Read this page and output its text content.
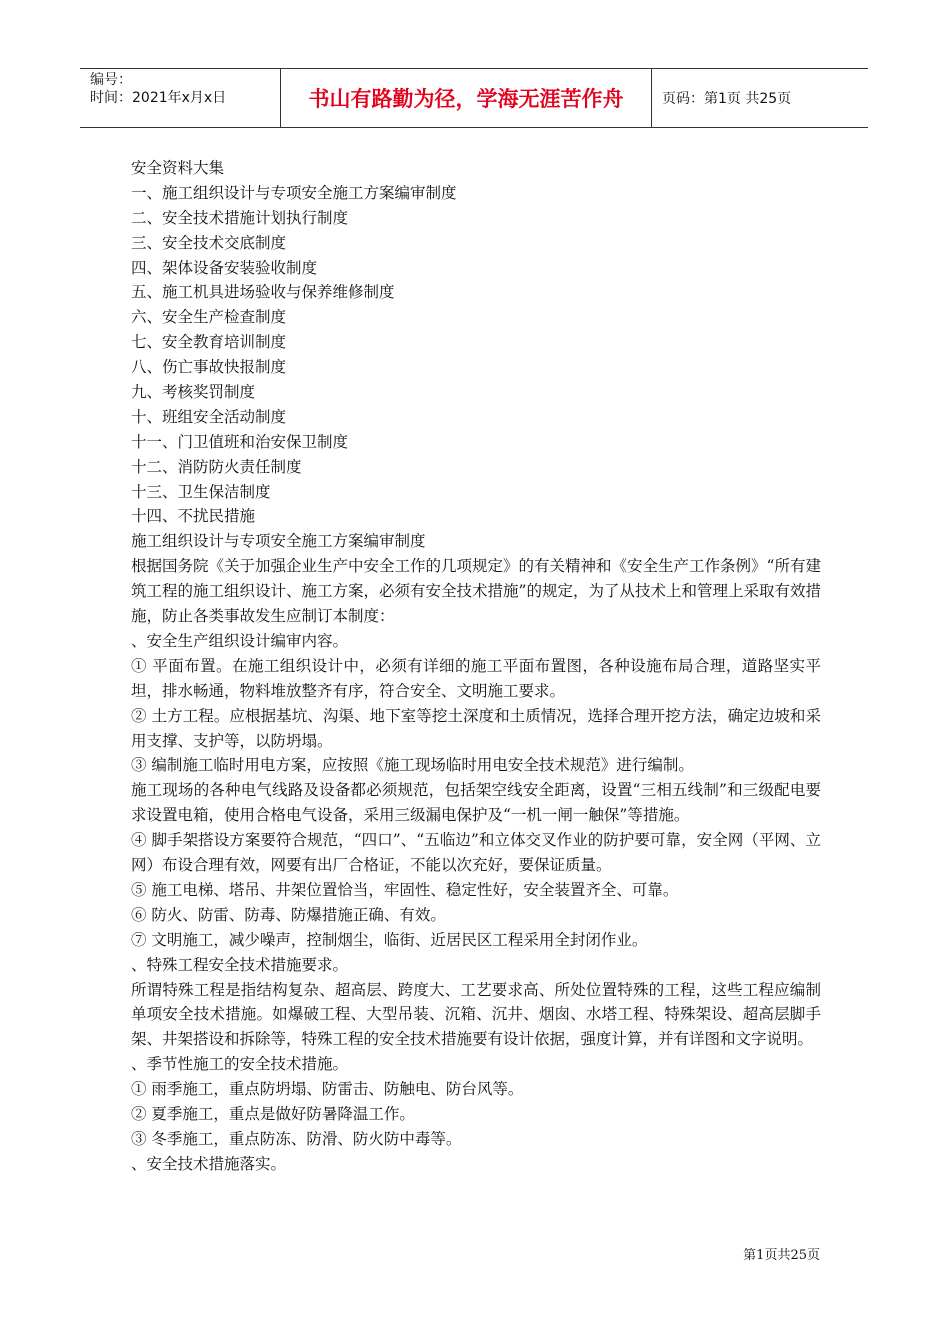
编号：
时间：2021年x月x日	书山有路勤为径，学海无涯苦作舟	页码：第1页 共25页
安全资料大集
一、施工组织设计与专项安全施工方案编审制度
二、安全技术措施计划执行制度
三、安全技术交底制度
四、架体设备安装验收制度
五、施工机具进场验收与保养维修制度
六、安全生产检查制度
七、安全教育培训制度
八、伤亡事故快报制度
九、考核奖罚制度
十、班组安全活动制度
十一、门卫值班和治安保卫制度
十二、消防防火责任制度
十三、卫生保洁制度
十四、不扰民措施
施工组织设计与专项安全施工方案编审制度
根据国务院《关于加强企业生产中安全工作的几项规定》的有关精神和《安全生产工作条例》“所有建筑工程的施工组织设计、施工方案，必须有安全技术措施”的规定，为了从技术上和管理上采取有效措施，防止各类事故发生应制订本制度：
、安全生产组织设计编审内容。
① 平面布置。在施工组织设计中，必须有详细的施工平面布置图，各种设施布局合理，道路坚实平坦，排水畅通，物料堆放整齐有序，符合安全、文明施工要求。
② 土方工程。应根据基坑、沟渠、地下室等挖土深度和土质情况，选择合理开挖方法，确定边坡和采用支撑、支护等，以防坍塌。
③ 编制施工临时用电方案，应按照《施工现场临时用电安全技术规范》进行编制。
施工现场的各种电气线路及设备都必须规范，包括架空线安全距离，设置“三相五线制”和三级配电要求设置电箱，使用合格电气设备，采用三级漏电保护及“一机一闸一触保”等措施。
④ 脚手架搭设方案要符合规范，“四口”、“五临边”和立体交叉作业的防护要可靠，安全网（平网、立网）布设合理有效，网要有出厂合格证，不能以次充好，要保证质量。
⑤ 施工电梯、塔吊、井架位置恰当，牢固性、稳定性好，安全装置齐全、可靠。
⑥ 防火、防雷、防毒、防爆措施正确、有效。
⑦ 文明施工，减少噪声，控制烟尘，临街、近居民区工程采用全封闭作业。
、特殊工程安全技术措施要求。
所谓特殊工程是指结构复杂、超高层、跨度大、工艺要求高、所处位置特殊的工程，这些工程应编制单项安全技术措施。如爆破工程、大型吊装、沉箱、沉井、烟囱、水塔工程、特殊架设、超高层脚手架、井架搭设和拆除等，特殊工程的安全技术措施要有设计依据，强度计算，并有详图和文字说明。
、季节性施工的安全技术措施。
① 雨季施工，重点防坍塌、防雷击、防触电、防台风等。
② 夏季施工，重点是做好防暑降温工作。
③ 冬季施工，重点防冻、防滑、防火防中毒等。
、安全技术措施落实。
第1页共25页
